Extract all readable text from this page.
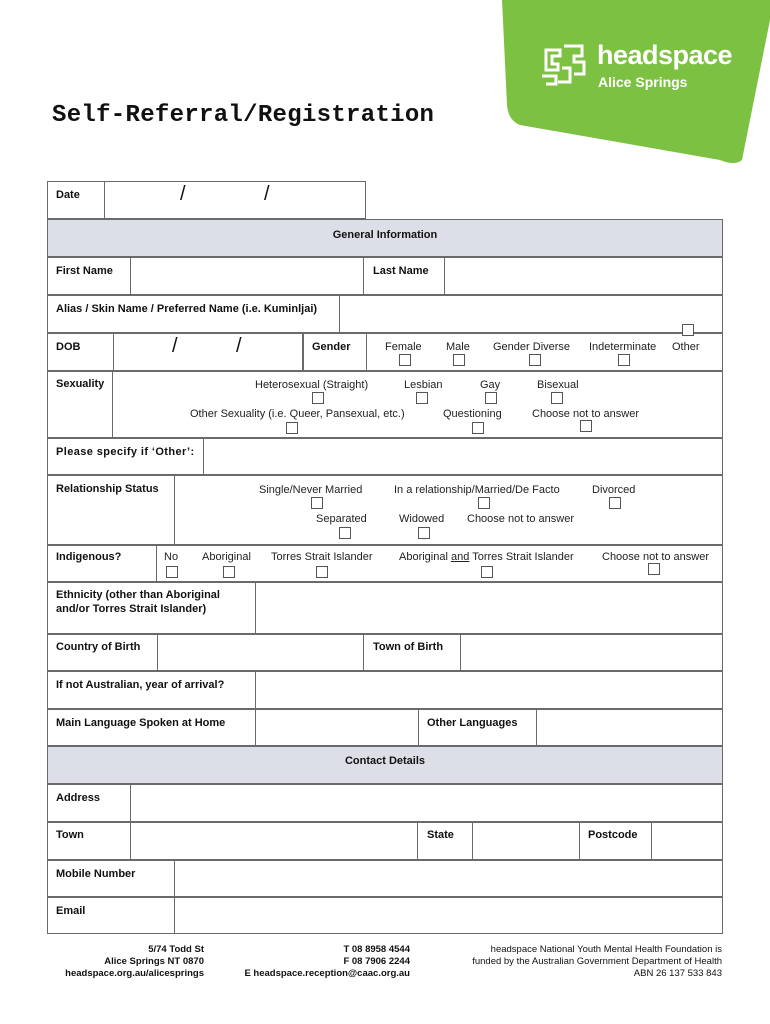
headspace
Alice Springs
Self-Referral/Registration
Date	/	/
General Information
First Name	Last Name
Alias / Skin Name / Preferred Name (i.e. Kuminljai)
DOB	/	/	Gender	Female Male Gender Diverse Indeterminate Other
Sexuality	Heterosexual (Straight)	Lesbian	Gay	Bisexual
Other Sexuality (i.e. Queer, Pansexual, etc.)	Questioning	Choose not to answer
Please specify if ‘Other’:
Relationship Status	Single/Never Married	In a relationship/Married/De Facto	Divorced
Separated	Widowed Choose not to answer
Indigenous?	No Aboriginal Torres Strait Islander Aboriginal and Torres Strait Islander	Choose not to answer
Ethnicity (other than Aboriginal
and/or Torres Strait Islander)
Country of Birth	Town of Birth
If not Australian, year of arrival?
Main Language Spoken at Home	Other Languages
Contact Details
Address
Town	State	Postcode
Mobile Number
Email
5/74 Todd St
Alice Springs NT 0870
headspace.org.au/alicesprings
T 08 8958 4544
F 08 7906 2244
E headspace.reception@caac.org.au
headspace National Youth Mental Health Foundation is
funded by the Australian Government Department of Health
ABN 26 137 533 843
